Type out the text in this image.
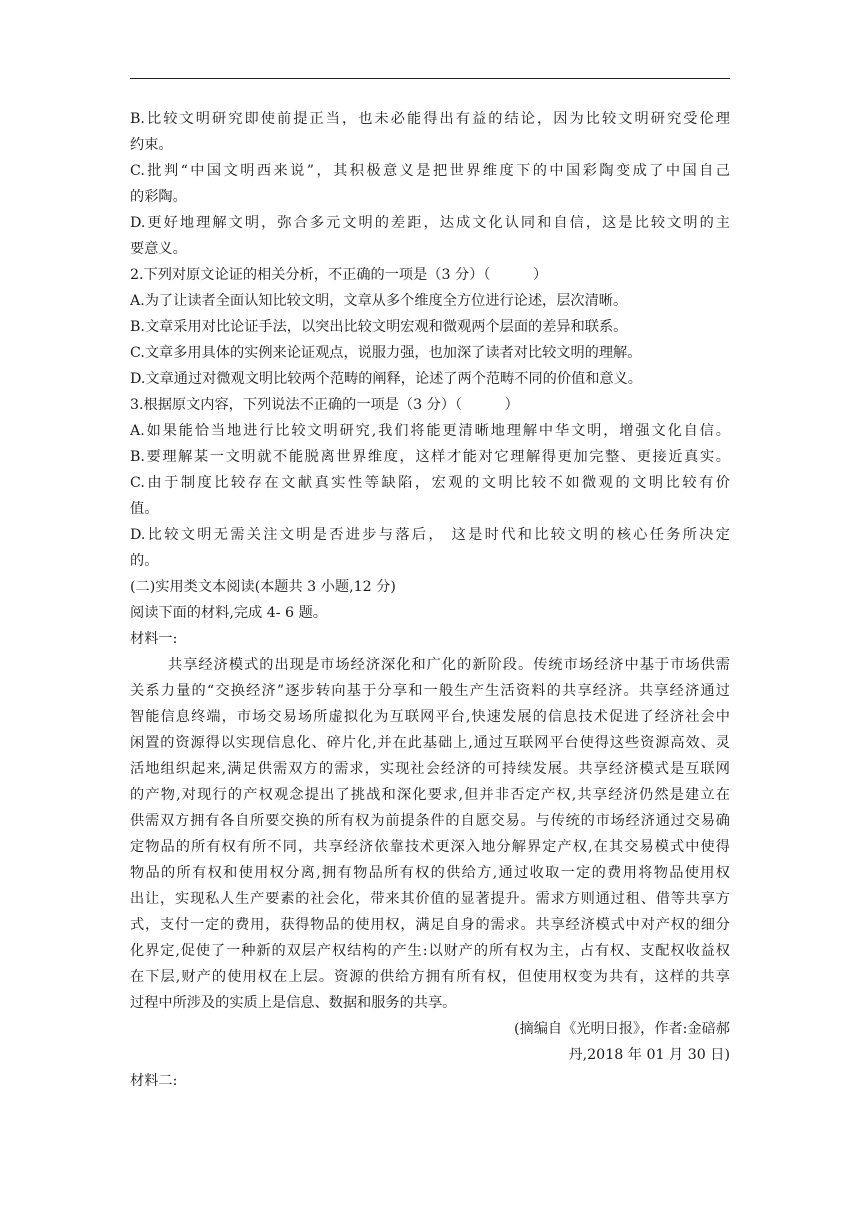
B.比较文明研究即使前提正当，也未必能得出有益的结论，因为比较文明研究受伦理
约束。
C.批判“中国文明西来说”，其积极意义是把世界维度下的中国彩陶变成了中国自己
的彩陶。
D.更好地理解文明，弥合多元文明的差距，达成文化认同和自信，这是比较文明的主
要意义。
2.下列对原文论证的相关分析，不正确的一项是（3 分）（　　　）
A.为了让读者全面认知比较文明，文章从多个维度全方位进行论述，层次清晰。
B.文章采用对比论证手法，以突出比较文明宏观和微观两个层面的差异和联系。
C.文章多用具体的实例来论证观点，说服力强，也加深了读者对比较文明的理解。
D.文章通过对微观文明比较两个范畴的阐释，论述了两个范畴不同的价值和意义。
3.根据原文内容，下列说法不正确的一项是（3 分）（　　　）
A.如果能恰当地进行比较文明研究,我们将能更清晰地理解中华文明，增强文化自信。
B.要理解某一文明就不能脱离世界维度，这样才能对它理解得更加完整、更接近真实。
C.由于制度比较存在文献真实性等缺陷，宏观的文明比较不如微观的文明比较有价
值。
D.比较文明无需关注文明是否进步与落后， 这是时代和比较文明的核心任务所决定
的。
(二)实用类文本阅读(本题共 3 小题,12 分)
阅读下面的材料,完成 4- 6 题。
材料一:
共享经济模式的出现是市场经济深化和广化的新阶段。传统市场经济中基于市场供需
关系力量的“交换经济”逐步转向基于分享和一般生产生活资料的共享经济。共享经济通过
智能信息终端，市场交易场所虚拟化为互联网平台,快速发展的信息技术促进了经济社会中
闲置的资源得以实现信息化、碎片化,并在此基础上,通过互联网平台使得这些资源高效、灵
活地组织起来,满足供需双方的需求，实现社会经济的可持续发展。共享经济模式是互联网
的产物,对现行的产权观念提出了挑战和深化要求,但并非否定产权,共享经济仍然是建立在
供需双方拥有各自所要交换的所有权为前提条件的自愿交易。与传统的市场经济通过交易确
定物品的所有权有所不同，共享经济依靠技术更深入地分解界定产权,在其交易模式中使得
物品的所有权和使用权分离,拥有物品所有权的供给方,通过收取一定的费用将物品使用权
出让，实现私人生产要素的社会化，带来其价值的显著提升。需求方则通过租、借等共享方
式，支付一定的费用，获得物品的使用权，满足自身的需求。共享经济模式中对产权的细分
化界定,促使了一种新的双层产权结构的产生:以财产的所有权为主，占有权、支配权收益权
在下层,财产的使用权在上层。资源的供给方拥有所有权，但使用权变为共有，这样的共享
过程中所涉及的实质上是信息、数据和服务的共享。
(摘编自《光明日报》，作者:金碚郝
丹,2018 年 01 月 30 日)
材料二:
